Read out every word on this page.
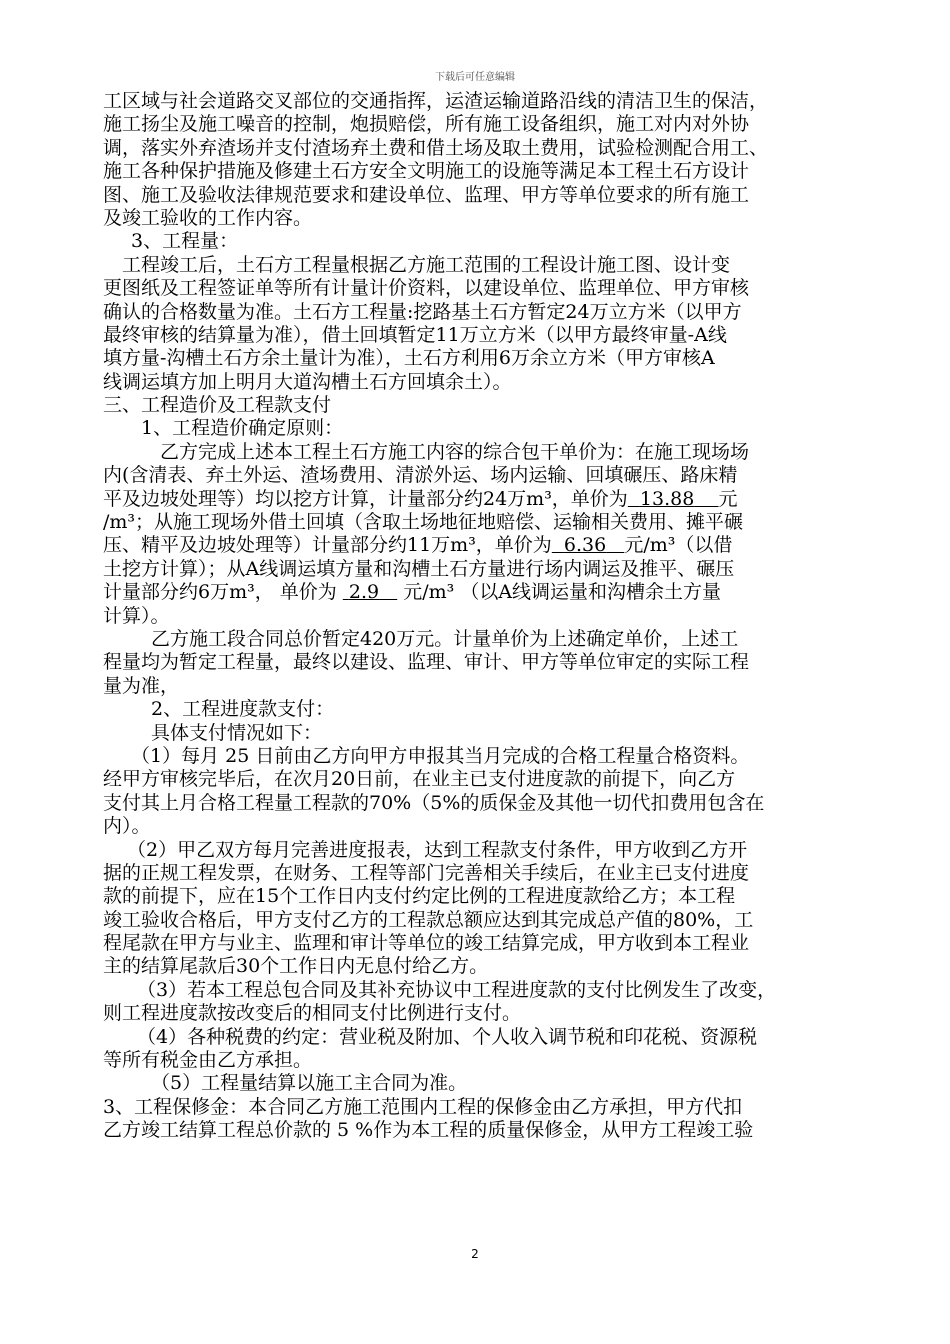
下载后可任意编辑
工区域与社会道路交叉部位的交通指挥，运渣运输道路沿线的清洁卫生的保洁，
施工扬尘及施工噪音的控制，炮损赔偿，所有施工设备组织，施工对内对外协
调，落实外弃渣场并支付渣场弃土费和借土场及取土费用，试验检测配合用工、
施工各种保护措施及修建土石方安全文明施工的设施等满足本工程土石方设计
图、施工及验收法律规范要求和建设单位、监理、甲方等单位要求的所有施工
及竣工验收的工作内容。
3、工程量：
工程竣工后，土石方工程量根据乙方施工范围的工程设计施工图、设计变
更图纸及工程签证单等所有计量计价资料，以建设单位、监理单位、甲方审核
确认的合格数量为准。土石方工程量:挖路基土石方暂定24万立方米（以甲方
最终审核的结算量为准），借土回填暂定11万立方米（以甲方最终审量-A线
填方量-沟槽土石方余土量计为准），土石方利用6万余立方米（甲方审核A
线调运填方加上明月大道沟槽土石方回填余土）。
三、工程造价及工程款支付
1、工程造价确定原则：
乙方完成上述本工程土石方施工内容的综合包干单价为：在施工现场场
内(含清表、弃土外运、渣场费用、清淤外运、场内运输、回填碾压、路床精
平及边坡处理等）均以挖方计算，计量部分约24万m³，单价为 13.88 元
/m³；从施工现场外借土回填（含取土场地征地赔偿、运输相关费用、摊平碾
压、精平及边坡处理等）计量部分约11万m³，单价为 6.36 元/m³（以借
土挖方计算）；从A线调运填方量和沟槽土石方量进行场内调运及推平、碾压
计量部分约6万m³， 单价为  2.9    元/m³ （以A线调运量和沟槽余土方量
计算）。
乙方施工段合同总价暂定420万元。计量单价为上述确定单价，上述工
程量均为暂定工程量，最终以建设、监理、审计、甲方等单位审定的实际工程
量为准，
2、工程进度款支付：
具体支付情况如下：
（1）每月 25 日前由乙方向甲方申报其当月完成的合格工程量合格资料。
经甲方审核完毕后，在次月20日前，在业主已支付进度款的前提下，向乙方
支付其上月合格工程量工程款的70%（5%的质保金及其他一切代扣费用包含在
内）。
（2）甲乙双方每月完善进度报表，达到工程款支付条件，甲方收到乙方开
据的正规工程发票，在财务、工程等部门完善相关手续后，在业主已支付进度
款的前提下，应在15个工作日内支付约定比例的工程进度款给乙方；本工程
竣工验收合格后，甲方支付乙方的工程款总额应达到其完成总产值的80%，工
程尾款在甲方与业主、监理和审计等单位的竣工结算完成，甲方收到本工程业
主的结算尾款后30个工作日内无息付给乙方。
（3）若本工程总包合同及其补充协议中工程进度款的支付比例发生了改变，
则工程进度款按改变后的相同支付比例进行支付。
（4）各种税费的约定：营业税及附加、个人收入调节税和印花税、资源税
等所有税金由乙方承担。
（5）工程量结算以施工主合同为准。
3、工程保修金：本合同乙方施工范围内工程的保修金由乙方承担，甲方代扣
乙方竣工结算工程总价款的 5 %作为本工程的质量保修金，从甲方工程竣工验
2
